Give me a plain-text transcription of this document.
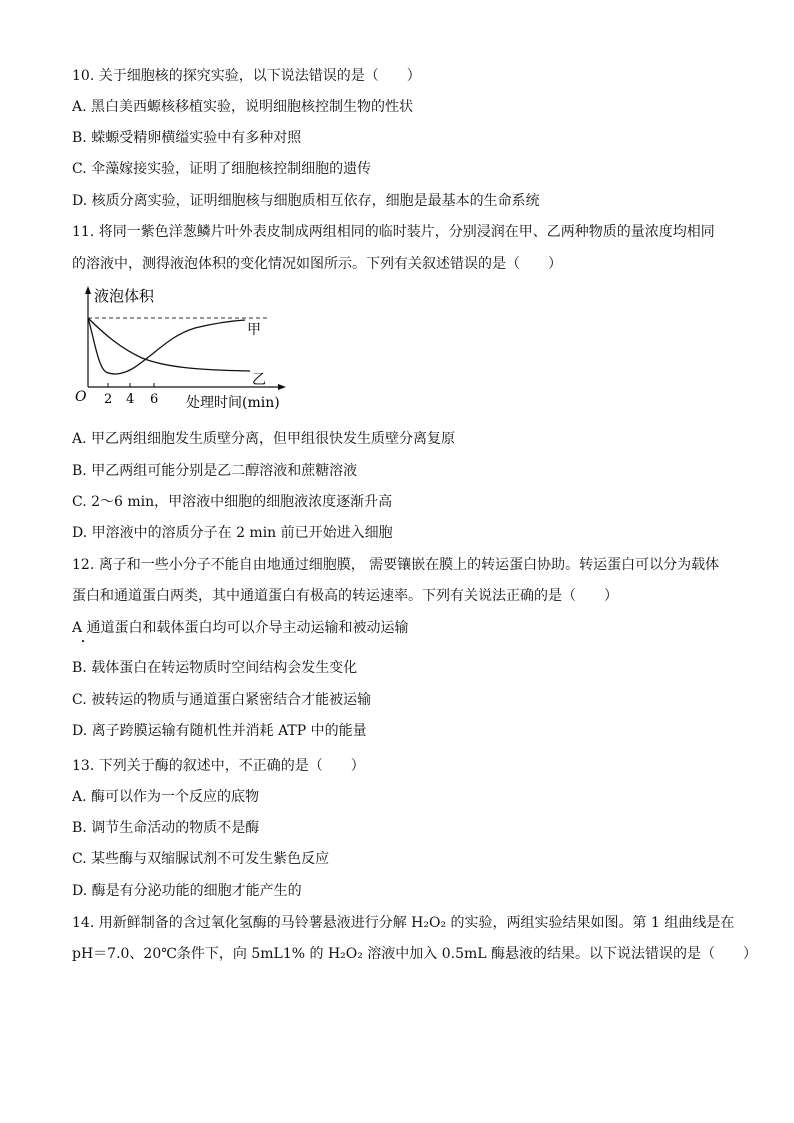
10. 关于细胞核的探究实验，以下说法错误的是（　　）
A. 黑白美西螈核移植实验，说明细胞核控制生物的性状
B. 蝾螈受精卵横缢实验中有多种对照
C. 伞藻嫁接实验，证明了细胞核控制细胞的遗传
D. 核质分离实验，证明细胞核与细胞质相互依存，细胞是最基本的生命系统
11. 将同一紫色洋葱鳞片叶外表皮制成两组相同的临时装片，分别浸润在甲、乙两种物质的量浓度均相同
的溶液中，测得液泡体积的变化情况如图所示。下列有关叙述错误的是（　　）
液泡体积
O 2 4 6 处理时间(min)
甲
乙
A. 甲乙两组细胞发生质壁分离，但甲组很快发生质壁分离复原
B. 甲乙两组可能分别是乙二醇溶液和蔗糖溶液
C. 2～6 min，甲溶液中细胞的细胞液浓度逐渐升高
D. 甲溶液中的溶质分子在 2 min 前已开始进入细胞
12. 离子和一些小分子不能自由地通过细胞膜， 需要镶嵌在膜上的转运蛋白协助。转运蛋白可以分为载体
蛋白和通道蛋白两类，其中通道蛋白有极高的转运速率。下列有关说法正确的是（　　）
A 通道蛋白和载体蛋白均可以介导主动运输和被动运输
B. 载体蛋白在转运物质时空间结构会发生变化
C. 被转运的物质与通道蛋白紧密结合才能被运输
D. 离子跨膜运输有随机性并消耗 ATP 中的能量
13. 下列关于酶的叙述中，不正确的是（　　）
A. 酶可以作为一个反应的底物
B. 调节生命活动的物质不是酶
C. 某些酶与双缩脲试剂不可发生紫色反应
D. 酶是有分泌功能的细胞才能产生的
14. 用新鲜制备的含过氧化氢酶的马铃薯悬液进行分解 H₂O₂ 的实验，两组实验结果如图。第 1 组曲线是在
pH＝7.0、20℃条件下，向 5mL1% 的 H₂O₂ 溶液中加入 0.5mL 酶悬液的结果。以下说法错误的是（　　）
